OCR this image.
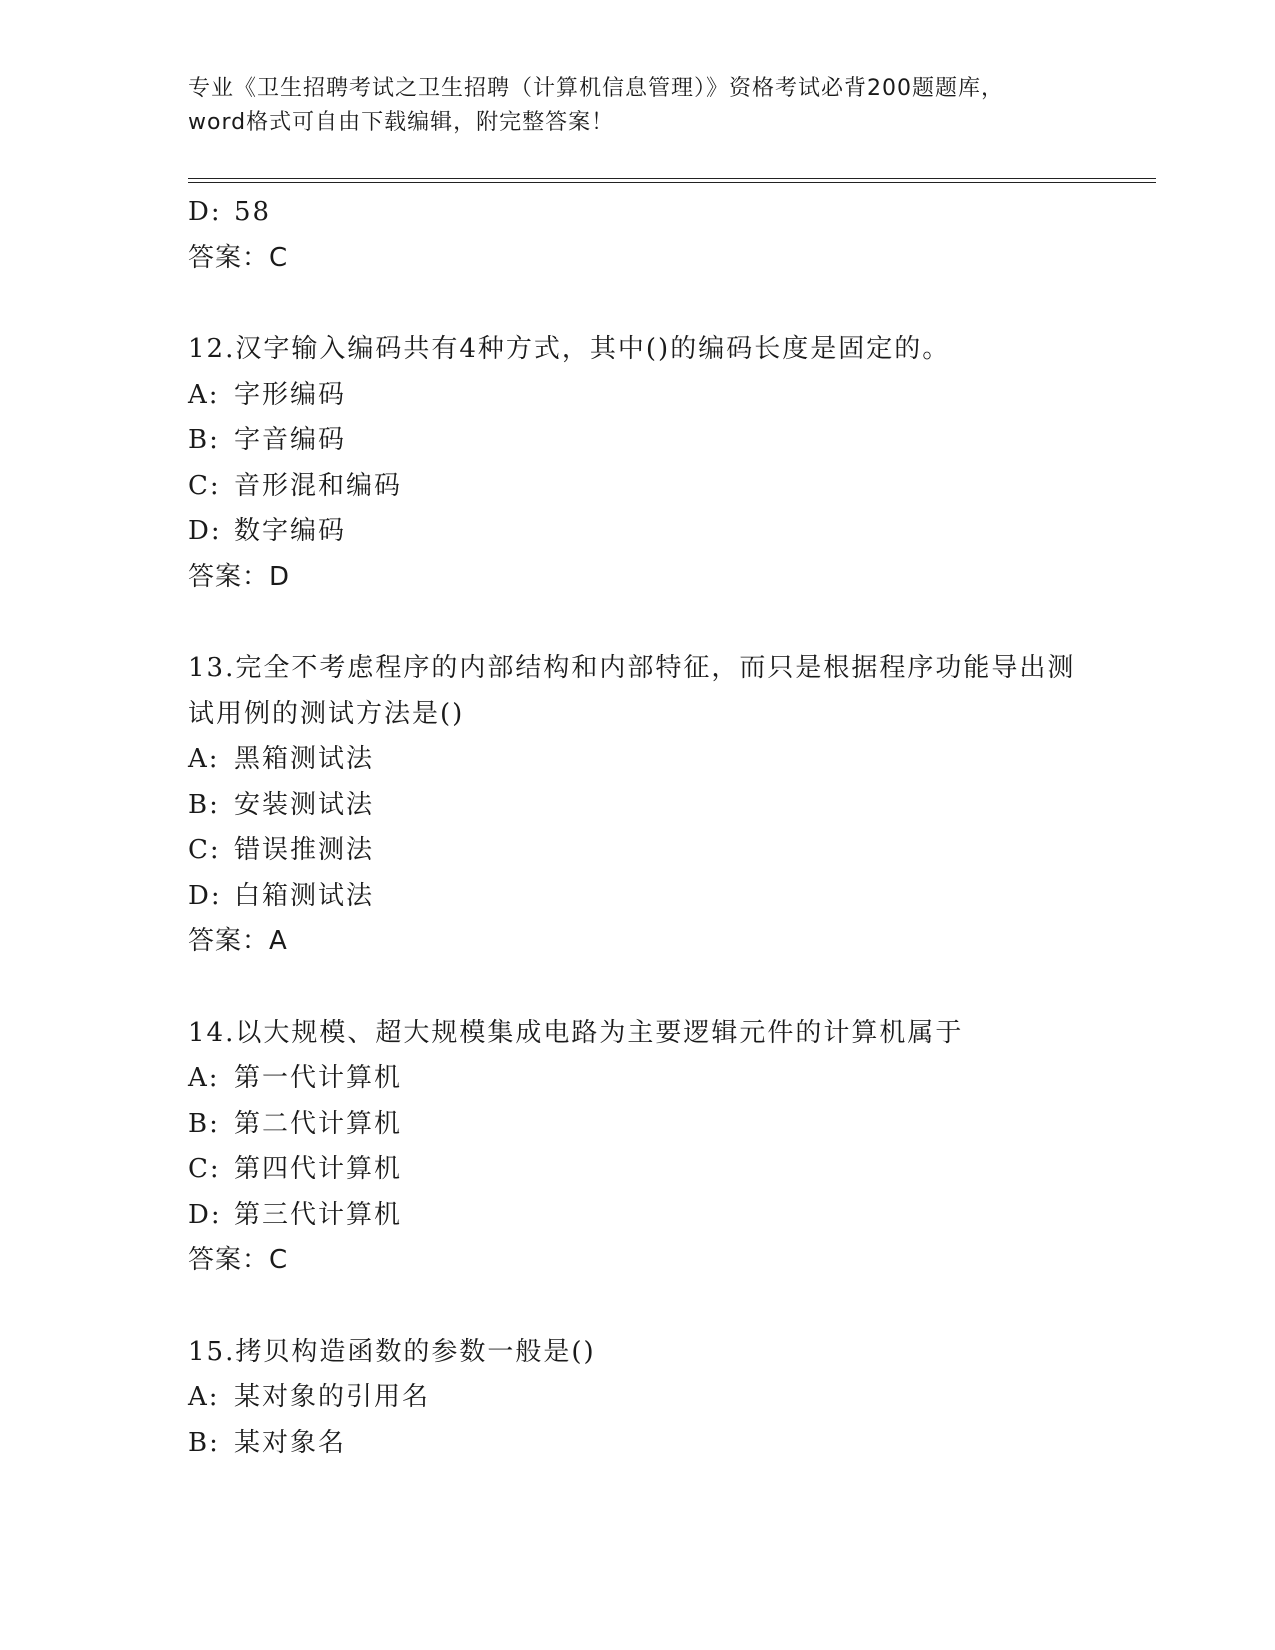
专业《卫生招聘考试之卫生招聘（计算机信息管理）》资格考试必背200题题库，
word格式可自由下载编辑，附完整答案！
D: 58
答案：C
12.汉字输入编码共有4种方式，其中()的编码长度是固定的。
A: 字形编码
B: 字音编码
C: 音形混和编码
D: 数字编码
答案：D
13.完全不考虑程序的内部结构和内部特征，而只是根据程序功能导出测试用例的测试方法是()
A: 黑箱测试法
B: 安装测试法
C: 错误推测法
D: 白箱测试法
答案：A
14.以大规模、超大规模集成电路为主要逻辑元件的计算机属于
A: 第一代计算机
B: 第二代计算机
C: 第四代计算机
D: 第三代计算机
答案：C
15.拷贝构造函数的参数一般是()
A: 某对象的引用名
B: 某对象名
